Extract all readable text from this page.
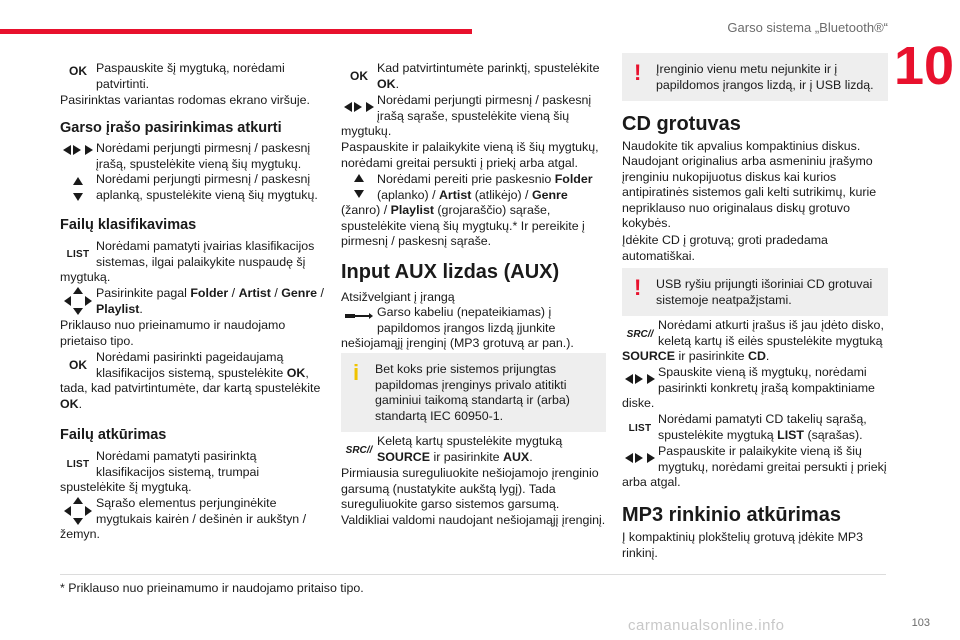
Garso sistema „Bluetooth®“
10
OK Paspauskite šį mygtuką, norėdami patvirtinti.

Pasirinktas variantas rodomas ekrano viršuje.

Garso įrašo pasirinkimas atkurti
Norėdami perjungti pirmesnį / paskesnį įrašą, spustelėkite vieną šių mygtukų.
Norėdami perjungti pirmesnį / paskesnį aplanką, spustelėkite vieną šių mygtukų.
Failų klasifikavimas
LIST
Norėdami pamatyti įvairias klasifikacijos sistemas, ilgai palaikykite nuspaudę šį mygtuką.
Pasirinkite pagal Folder / Artist / Genre / Playlist.

Priklauso nuo prieinamumo ir naudojamo prietaiso tipo.

OK
Norėdami pasirinkti pageidaujamą klasifikacijos sistemą, spustelėkite OK, tada, kad patvirtintumėte, dar kartą spustelėkite OK.
Failų atkūrimas
LIST
Norėdami pamatyti pasirinktą klasifikacijos sistemą, trumpai spustelėkite šį mygtuką.
Sąrašo elementus perjunginėkite mygtukais kairėn / dešinėn ir aukštyn / žemyn.
OK
Kad patvirtintumėte parinktį, spustelėkite OK.
Norėdami perjungti pirmesnį / paskesnį įrašą sąraše, spustelėkite vieną šių mygtukų.

Paspauskite ir palaikykite vieną iš šių mygtukų, norėdami greitai persukti į priekį arba atgal.

Norėdami pereiti prie paskesnio Folder (aplanko) / Artist (atlikėjo) / Genre (žanro) / Playlist (grojaraščio) sąraše, spustelėkite vieną šių mygtukų.* Ir pereikite į pirmesnį / paskesnį sąraše.
Input AUX lizdas (AUX)

Atsižvelgiant į įrangą

Garso kabeliu (nepateikiamas) į papildomos įrangos lizdą įjunkite nešiojamąjį įrenginį (MP3 grotuvą ar pan.).
i	Bet koks prie sistemos prijungtas papildomas įrenginys privalo atitikti gaminiui taikomą standartą ir (arba) standartą IEC 60950-1.
SRC//
Keletą kartų spustelėkite mygtuką SOURCE ir pasirinkite AUX.

Pirmiausia sureguliuokite nešiojamojo įrenginio garsumą (nustatykite aukštą lygį). Tada sureguliuokite garso sistemos garsumą. Valdikliai valdomi naudojant nešiojamąjį įrenginį.

!	Įrenginio vienu metu nejunkite ir į papildomos įrangos lizdą, ir į USB lizdą.
CD grotuvas

Naudokite tik apvalius kompaktinius diskus.

Naudojant originalius arba asmeniniu įrašymo įrenginiu nukopijuotus diskus kai kurios antipiratinės sistemos gali kelti sutrikimų, kurie nepriklauso nuo originalaus diskų grotuvo kokybės.

Įdėkite CD į grotuvą; groti pradedama automatiškai.

!	USB ryšiu prijungti išoriniai CD grotuvai sistemoje neatpažįstami.
SRC//
Norėdami atkurti įrašus iš jau įdėto disko, keletą kartų iš eilės spustelėkite mygtuką SOURCE ir pasirinkite CD.
Spauskite vieną iš mygtukų, norėdami pasirinkti konkretų įrašą kompaktiniame diske.
LIST
Norėdami pamatyti CD takelių sąrašą, spustelėkite mygtuką LIST (sąrašas).
Paspauskite ir palaikykite vieną iš šių mygtukų, norėdami greitai persukti į priekį arba atgal.
MP3 rinkinio atkūrimas

Į kompaktinių plokštelių grotuvą įdėkite MP3 rinkinį.

* Priklauso nuo prieinamumo ir naudojamo pritaiso tipo.
carmanualsonline.info	103
